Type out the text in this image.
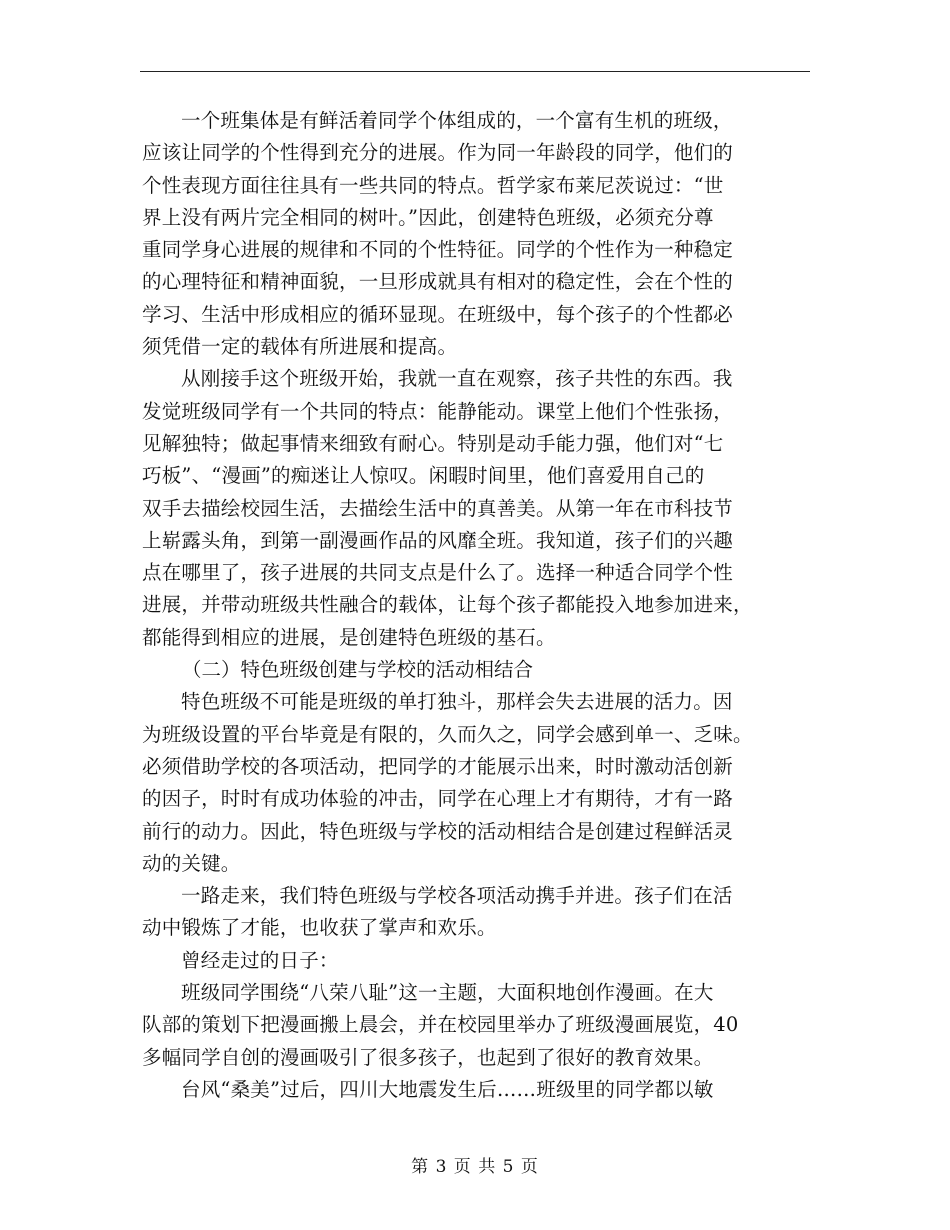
一个班集体是有鲜活着同学个体组成的，一个富有生机的班级，
应该让同学的个性得到充分的进展。作为同一年龄段的同学，他们的
个性表现方面往往具有一些共同的特点。哲学家布莱尼茨说过：“世
界上没有两片完全相同的树叶。”因此，创建特色班级，必须充分尊
重同学身心进展的规律和不同的个性特征。同学的个性作为一种稳定
的心理特征和精神面貌，一旦形成就具有相对的稳定性，会在个性的
学习、生活中形成相应的循环显现。在班级中，每个孩子的个性都必
须凭借一定的载体有所进展和提高。

从刚接手这个班级开始，我就一直在观察，孩子共性的东西。我
发觉班级同学有一个共同的特点：能静能动。课堂上他们个性张扬，
见解独特；做起事情来细致有耐心。特别是动手能力强，他们对“七
巧板”、“漫画”的痴迷让人惊叹。闲暇时间里，他们喜爱用自己的
双手去描绘校园生活，去描绘生活中的真善美。从第一年在市科技节
上崭露头角，到第一副漫画作品的风靡全班。我知道，孩子们的兴趣
点在哪里了，孩子进展的共同支点是什么了。选择一种适合同学个性
进展，并带动班级共性融合的载体，让每个孩子都能投入地参加进来，
都能得到相应的进展，是创建特色班级的基石。

（二）特色班级创建与学校的活动相结合

特色班级不可能是班级的单打独斗，那样会失去进展的活力。因
为班级设置的平台毕竟是有限的，久而久之，同学会感到单一、乏味。
必须借助学校的各项活动，把同学的才能展示出来，时时激动活创新
的因子，时时有成功体验的冲击，同学在心理上才有期待，才有一路
前行的动力。因此，特色班级与学校的活动相结合是创建过程鲜活灵
动的关键。

一路走来，我们特色班级与学校各项活动携手并进。孩子们在活
动中锻炼了才能，也收获了掌声和欢乐。

曾经走过的日子：

班级同学围绕“八荣八耻”这一主题，大面积地创作漫画。在大
队部的策划下把漫画搬上晨会，并在校园里举办了班级漫画展览，40
多幅同学自创的漫画吸引了很多孩子，也起到了很好的教育效果。

台风“桑美”过后，四川大地震发生后……班级里的同学都以敏

第 3 页 共 5 页
